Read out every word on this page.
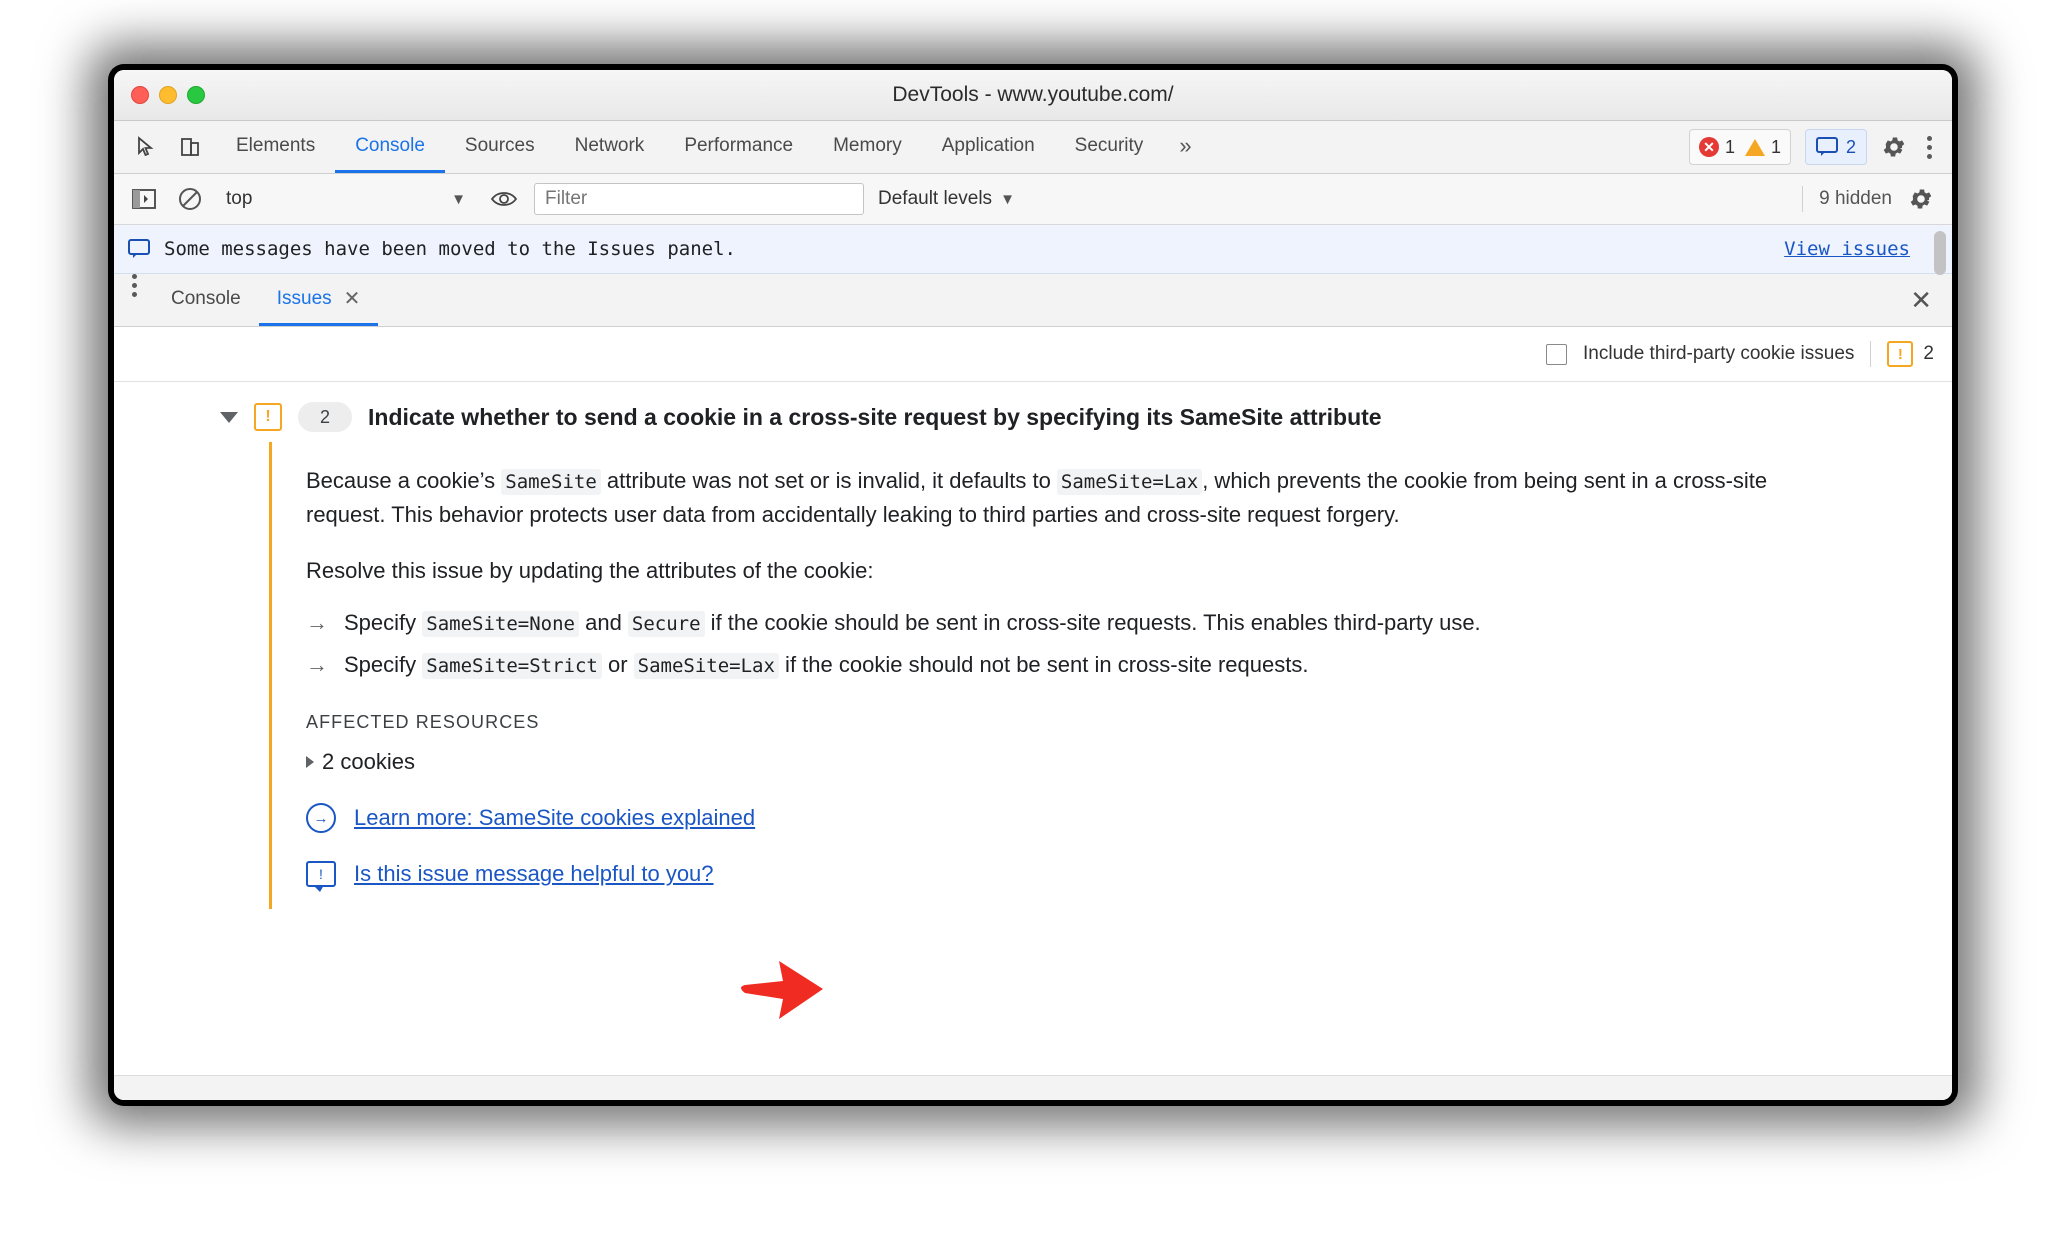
DevTools - www.youtube.com/
Elements	Console	Sources	Network	Performance	Memory	Application	Security	»	✕ 1 1	2
top	▼
Filter	Default levels ▼	9 hidden
Some messages have been moved to the Issues panel.	View issues
Console Issues ✕	✕
Include third-party cookie issues	!	2
!	2	Indicate whether to send a cookie in a cross-site request by specifying its SameSite attribute
Because a cookie’s SameSite attribute was not set or is invalid, it defaults to SameSite=Lax , which prevents the cookie from being sent in a cross-site request. This behavior protects user data from accidentally leaking to third parties and cross-site request forgery.
Resolve this issue by updating the attributes of the cookie:
→ Specify SameSite=None and Secure if the cookie should be sent in cross-site requests. This enables third-party use.
→ Specify SameSite=Strict or SameSite=Lax if the cookie should not be sent in cross-site requests.
AFFECTED RESOURCES
2 cookies
→	Learn more: SameSite cookies explained
!	Is this issue message helpful to you?
